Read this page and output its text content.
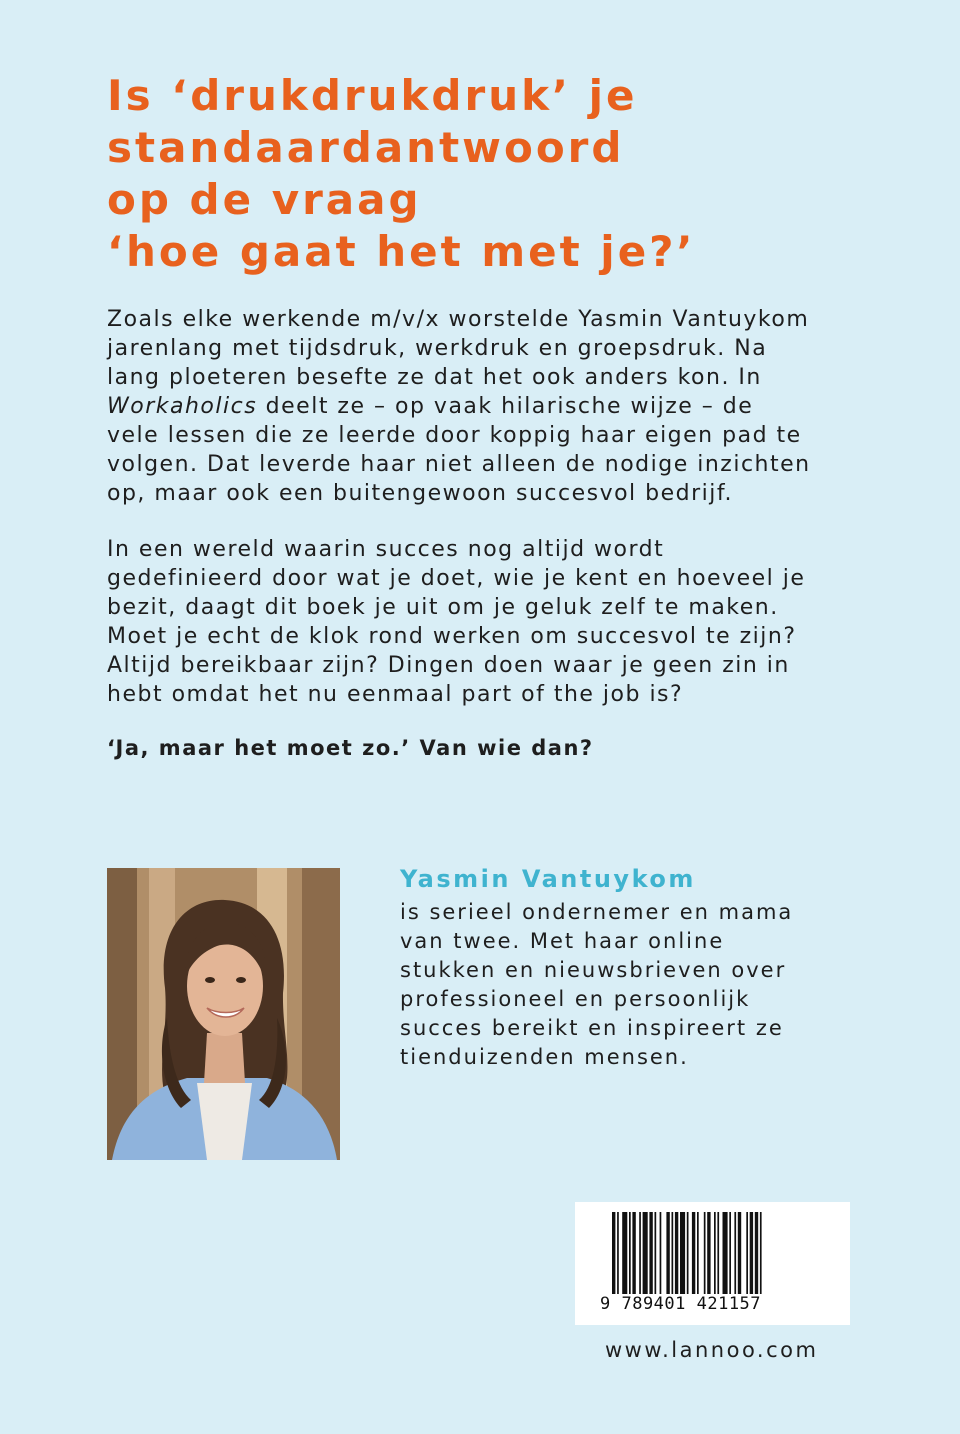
Is ‘drukdrukdruk’ je
standaardantwoord
op de vraag
‘hoe gaat het met je?’
Zoals elke werkende m/v/x worstelde Yasmin Vantuykom
jarenlang met tijdsdruk, werkdruk en groepsdruk. Na
lang ploeteren besefte ze dat het ook anders kon. In
Workaholics deelt ze – op vaak hilarische wijze – de
vele lessen die ze leerde door koppig haar eigen pad te
volgen. Dat leverde haar niet alleen de nodige inzichten
op, maar ook een buitengewoon succesvol bedrijf.
In een wereld waarin succes nog altijd wordt
gedefinieerd door wat je doet, wie je kent en hoeveel je
bezit, daagt dit boek je uit om je geluk zelf te maken.
Moet je echt de klok rond werken om succesvol te zijn?
Altijd bereikbaar zijn? Dingen doen waar je geen zin in
hebt omdat het nu eenmaal part of the job is?
‘Ja, maar het moet zo.’ Van wie dan?
Yasmin Vantuykom
is serieel ondernemer en mama
van twee. Met haar online
stukken en nieuwsbrieven over
professioneel en persoonlijk
succes bereikt en inspireert ze
tienduizenden mensen.
9 789401 421157
www.lannoo.com
